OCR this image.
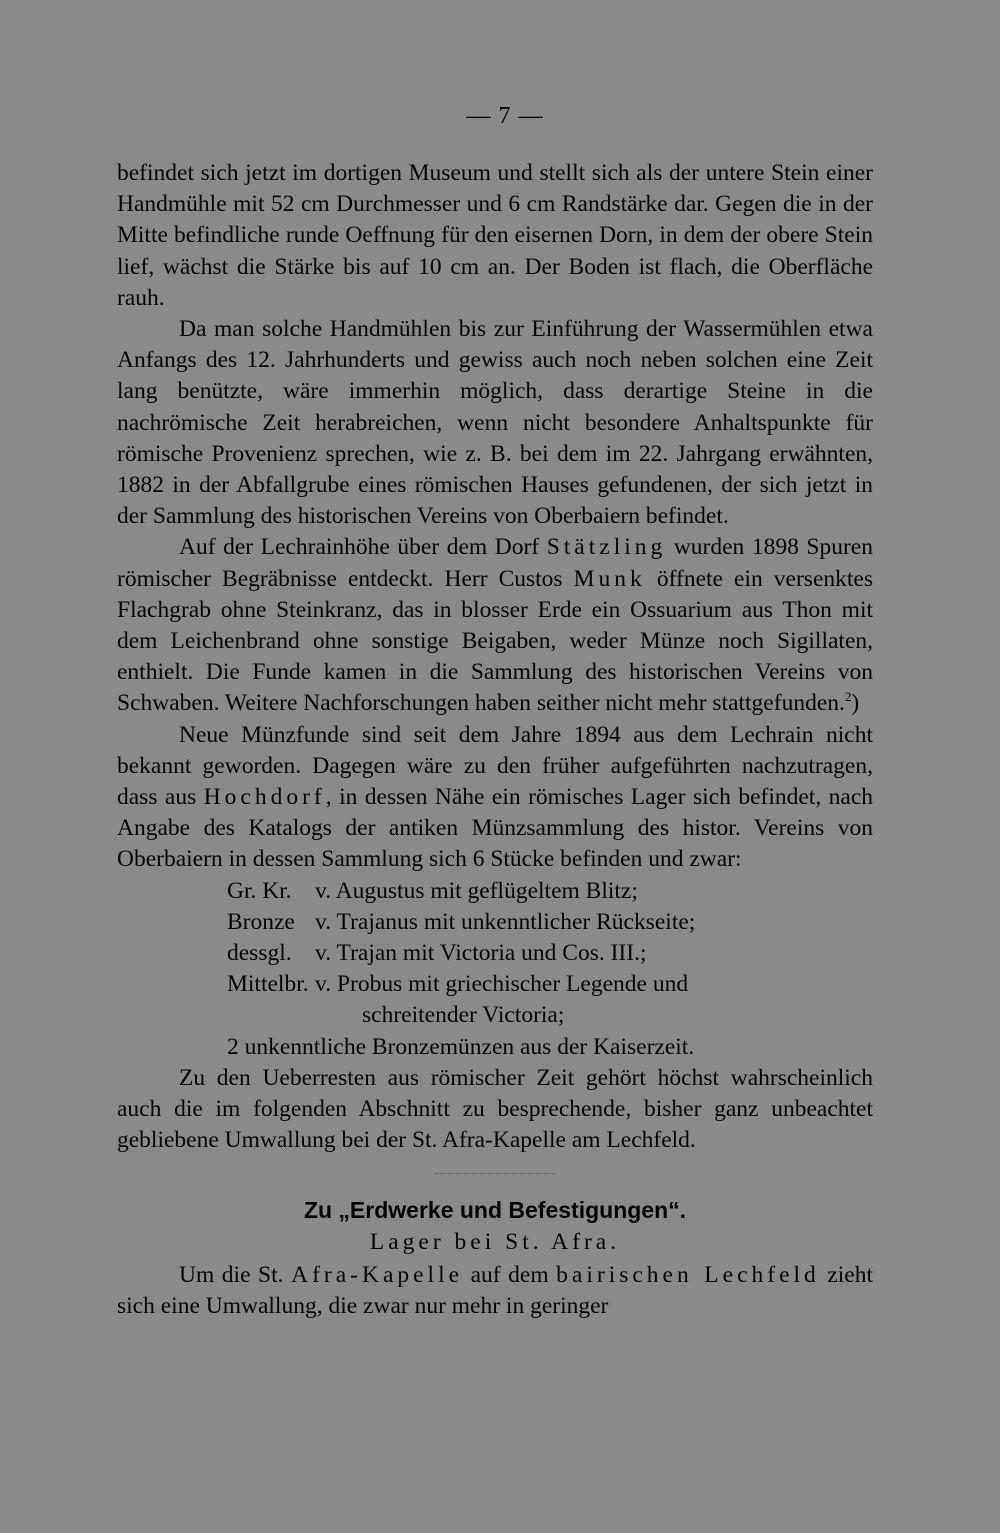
— 7 —

befindet sich jetzt im dortigen Museum und stellt sich als der untere Stein einer Handmühle mit 52 cm Durchmesser und 6 cm Randstärke dar. Gegen die in der Mitte befindliche runde Oeffnung für den eisernen Dorn, in dem der obere Stein lief, wächst die Stärke bis auf 10 cm an. Der Boden ist flach, die Oberfläche rauh.

Da man solche Handmühlen bis zur Einführung der Wassermühlen etwa Anfangs des 12. Jahrhunderts und gewiss auch noch neben solchen eine Zeit lang benützte, wäre immerhin möglich, dass derartige Steine in die nachrömische Zeit herabreichen, wenn nicht besondere Anhaltspunkte für römische Provenienz sprechen, wie z. B. bei dem im 22. Jahrgang erwähnten, 1882 in der Abfallgrube eines römischen Hauses gefundenen, der sich jetzt in der Sammlung des historischen Vereins von Oberbaiern befindet.

Auf der Lechrainhöhe über dem Dorf Stätzling wurden 1898 Spuren römischer Begräbnisse entdeckt. Herr Custos Munk öffnete ein versenktes Flachgrab ohne Steinkranz, das in blosser Erde ein Ossuarium aus Thon mit dem Leichenbrand ohne sonstige Beigaben, weder Münze noch Sigillaten, enthielt. Die Funde kamen in die Sammlung des historischen Vereins von Schwaben. Weitere Nachforschungen haben seither nicht mehr stattgefunden.$^2$)

Neue Münzfunde sind seit dem Jahre 1894 aus dem Lechrain nicht bekannt geworden. Dagegen wäre zu den früher aufgeführten nachzutragen, dass aus Hochdorf, in dessen Nähe ein römisches Lager sich befindet, nach Angabe des Katalogs der antiken Münzsammlung des histor. Vereins von Oberbaiern in dessen Sammlung sich 6 Stücke befinden und zwar:

Gr. Kr. v. Augustus mit geflügeltem Blitz;
Bronze v. Trajanus mit unkenntlicher Rückseite;
dessgl. v. Trajan mit Victoria und Cos. III.;
Mittelbr. v. Probus mit griechischer Legende und
schreitender Victoria;
2 unkenntliche Bronzemünzen aus der Kaiserzeit.

Zu den Ueberresten aus römischer Zeit gehört höchst wahrscheinlich auch die im folgenden Abschnitt zu besprechende, bisher ganz unbeachtet gebliebene Umwallung bei der St. Afra-Kapelle am Lechfeld.

Zu „Erdwerke und Befestigungen“.
Lager bei St. Afra.

Um die St. Afra-Kapelle auf dem bairischen Lechfeld zieht sich eine Umwallung, die zwar nur mehr in geringer
